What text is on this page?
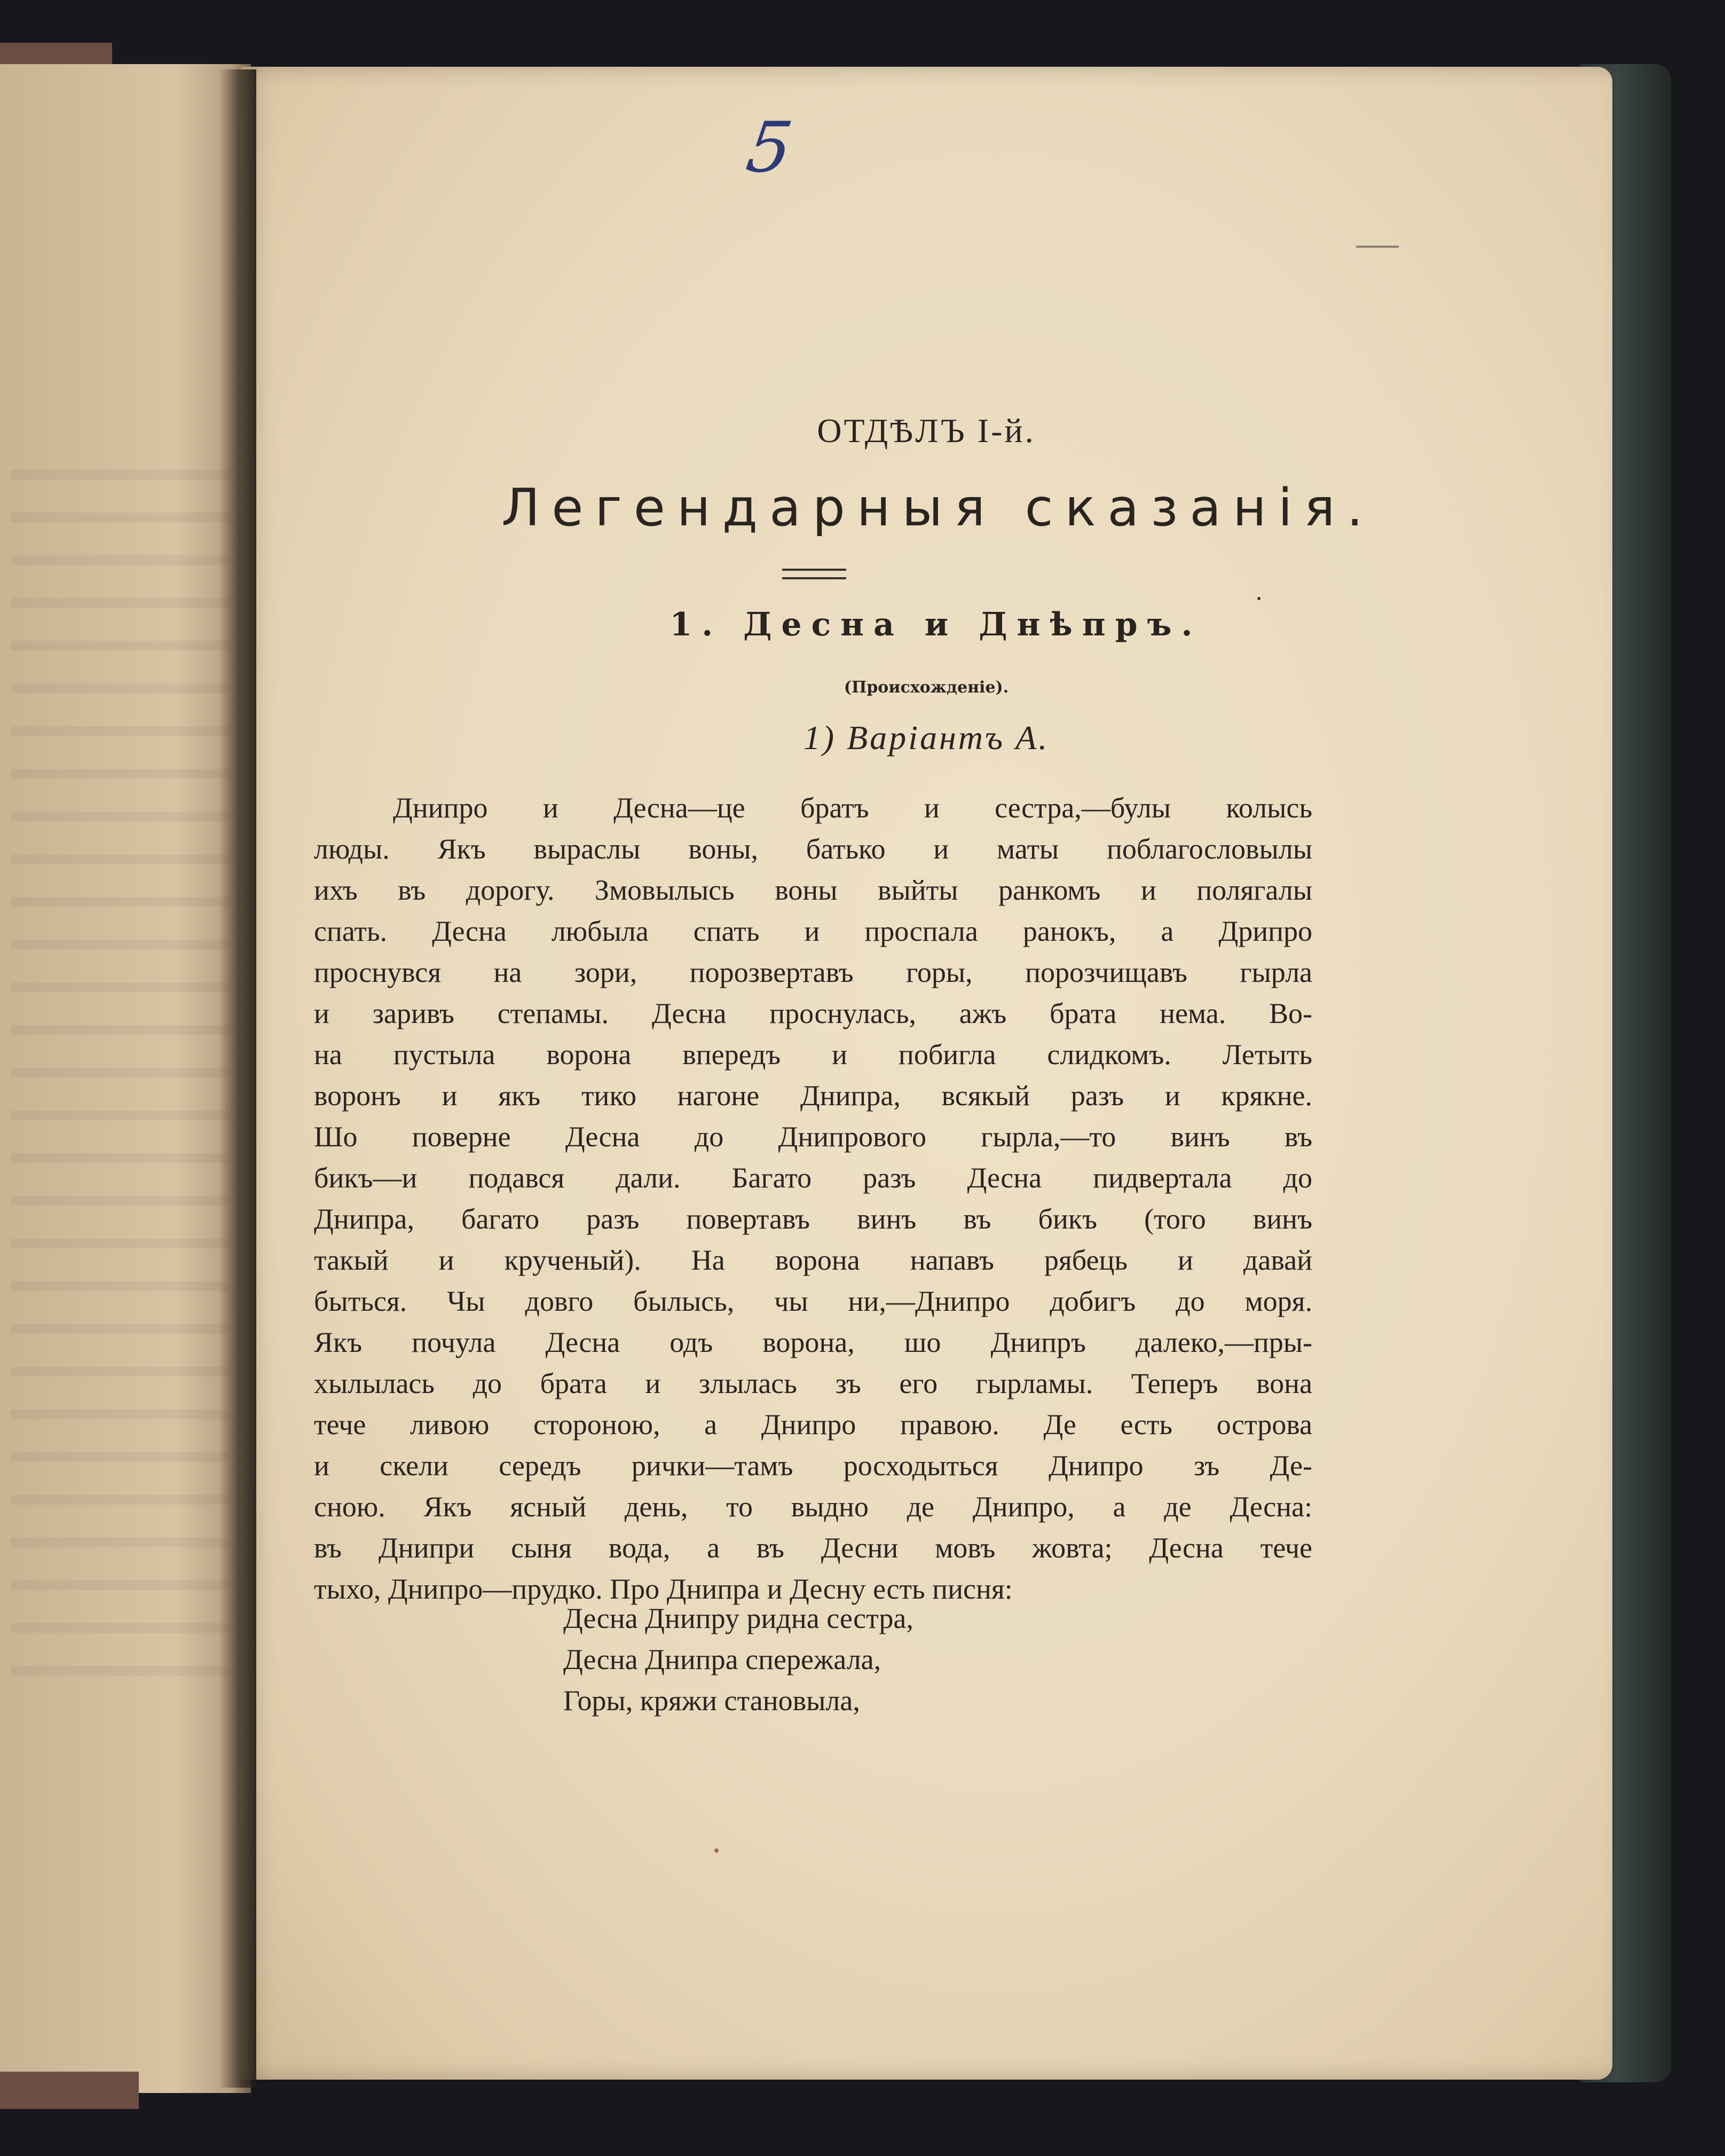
5
ОТДѢЛЪ I-й.
Легендарныя сказанія.
1. Десна и Днѣпръ.
(Происхожденіе).
1) Варіантъ А.
Днипро и Десна—це братъ и сестра,—булы колысь
люды. Якъ выраслы воны, батько и маты поблагословылы
ихъ въ дорогу. Змовылысь воны выйты ранкомъ и полягалы
спать. Десна любыла спать и проспала ранокъ, а Дрипро
проснувся на зори, порозвертавъ горы, порозчищавъ гырла
и заривъ степамы. Десна проснулась, ажъ брата нема. Во-
на пустыла ворона впередъ и побигла слидкомъ. Летыть
воронъ и якъ тико нагоне Днипра, всякый разъ и крякне.
Шо поверне Десна до Днипрового гырла,—то винъ въ
бикъ—и подався дали. Багато разъ Десна пидвертала до
Днипра, багато разъ повертавъ винъ въ бикъ (того винъ
такый и крученый). На ворона напавъ рябець и давай
быться. Чы довго былысь, чы ни,—Днипро добигъ до моря.
Якъ почула Десна одъ ворона, шо Днипръ далеко,—пры-
хылылась до брата и злылась зъ его гырламы. Теперъ вона
тече ливою стороною, а Днипро правою. Де есть острова
и скели середъ рички—тамъ росходыться Днипро зъ Де-
сною. Якъ ясный день, то выдно де Днипро, а де Десна:
въ Днипри сыня вода, а въ Десни мовъ жовта; Десна тече
тыхо, Днипро—прудко. Про Днипра и Десну есть писня:
Десна Днипру ридна сестра,
Десна Днипра спережала,
Горы, кряжи становыла,
